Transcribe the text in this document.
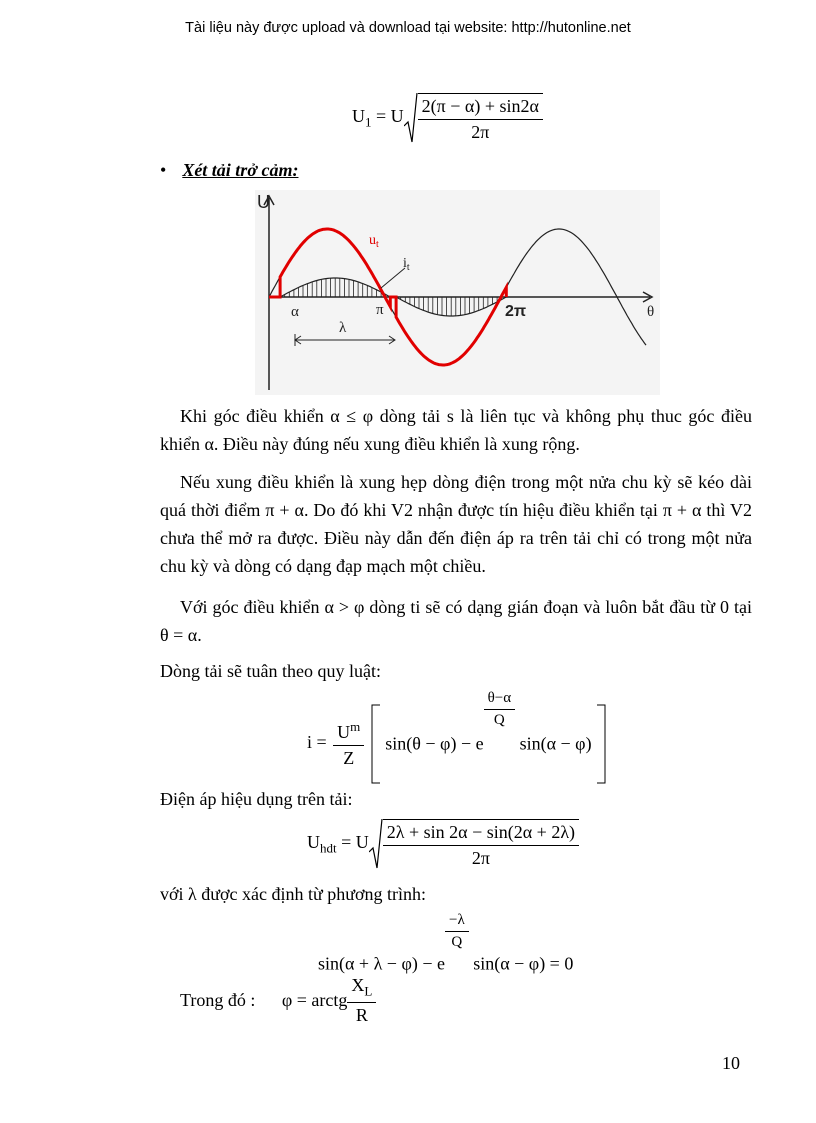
Tài liệu này được upload và download tại website: http://hutonline.net
$U_1 = U \frac{2(\pi - \alpha) + \sin 2\alpha}{2\pi}$
• Xét tải trở cảm:
U
θ
$u_t$
$i_t$
α	π	2π
λ
Khi góc điều khiển α ≤ φ dòng tải s là liên tục và không phụ thuc góc điều khiển α. Điều này đúng nếu xung điều khiển là xung rộng.
Nếu xung điều khiển là xung hẹp dòng điện trong một nửa chu kỳ sẽ kéo dài quá thời điểm π + α. Do đó khi V2 nhận được tín hiệu điều khiển tại π + α thì V2 chưa thể mở ra được. Điều này dẫn đến điện áp ra trên tải chỉ có trong một nửa chu kỳ và dòng có dạng đạp mạch một chiều.
Với góc điều khiển α > φ dòng ti sẽ có dạng gián đoạn và luôn bắt đầu từ 0 tại θ = α.
Dòng tải sẽ tuân theo quy luật:
$i = \frac{U^m}{Z} \sin(\theta - \varphi) - e$
$\frac{\theta-\alpha}{Q}$
sin(α − φ)
Điện áp hiệu dụng trên tải:
$U_{hdt} = U \frac{2\lambda + \sin 2\alpha - \sin(2\alpha + 2\lambda)}{2\pi}$
với λ được xác định từ phương trình:
sin(α + λ − φ) − e
$\frac{-\lambda}{Q}$
sin(α − φ) = 0
Trong đó : φ = arctg $\frac{X_L}{R}$
10
